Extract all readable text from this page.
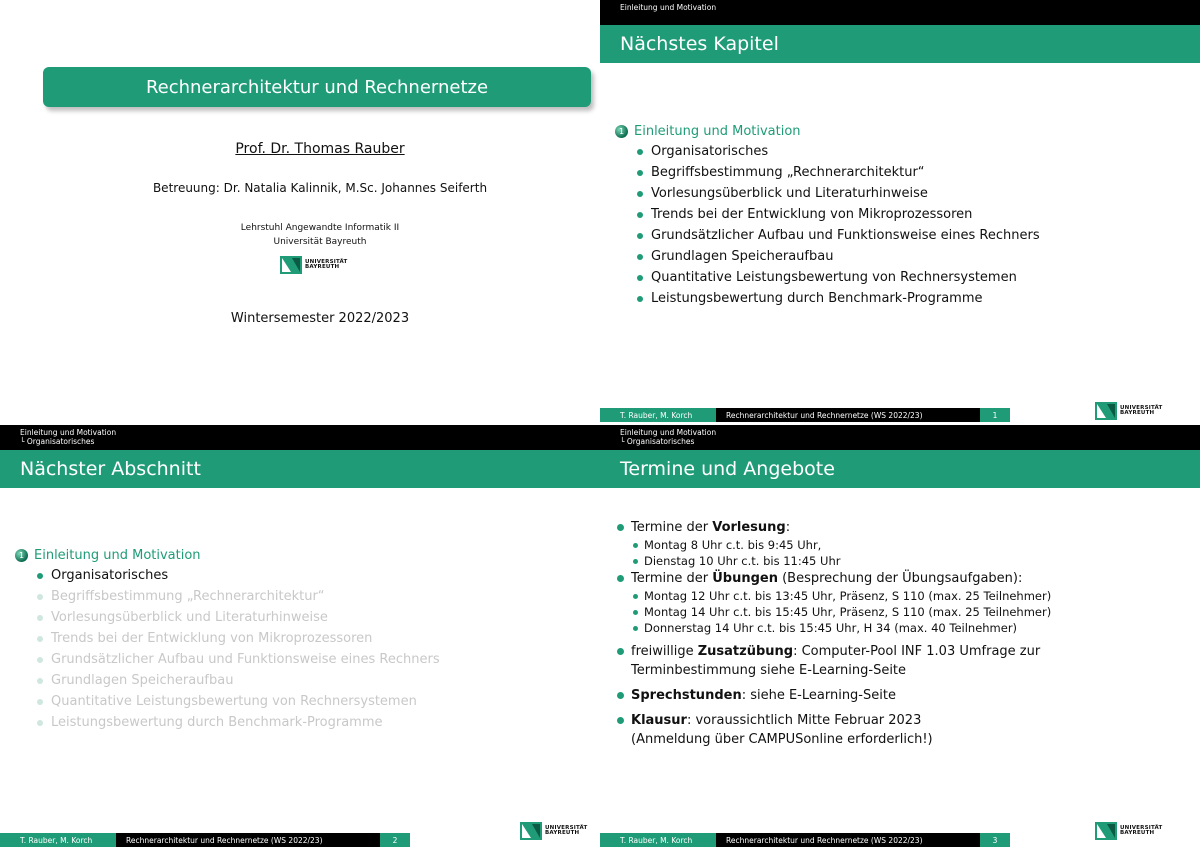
Rechnerarchitektur und Rechnernetze
Prof. Dr. Thomas Rauber
Betreuung: Dr. Natalia Kalinnik, M.Sc. Johannes Seiferth
Lehrstuhl Angewandte Informatik II
Universität Bayreuth
UNIVERSITÄT
BAYREUTH
Wintersemester 2022/2023
Einleitung und Motivation
Nächstes Kapitel
1 Einleitung und Motivation
Organisatorisches
Begriffsbestimmung „Rechnerarchitektur“
Vorlesungsüberblick und Literaturhinweise
Trends bei der Entwicklung von Mikroprozessoren
Grundsätzlicher Aufbau und Funktionsweise eines Rechners
Grundlagen Speicheraufbau
Quantitative Leistungsbewertung von Rechnersystemen
Leistungsbewertung durch Benchmark-Programme
T. Rauber, M. Korch	Rechnerarchitektur und Rechnernetze (WS 2022/23)	1
UNIVERSITÄT
BAYREUTH
Einleitung und Motivation
└ Organisatorisches
Nächster Abschnitt
1 Einleitung und Motivation
Organisatorisches
Begriffsbestimmung „Rechnerarchitektur“
Vorlesungsüberblick und Literaturhinweise
Trends bei der Entwicklung von Mikroprozessoren
Grundsätzlicher Aufbau und Funktionsweise eines Rechners
Grundlagen Speicheraufbau
Quantitative Leistungsbewertung von Rechnersystemen
Leistungsbewertung durch Benchmark-Programme
T. Rauber, M. Korch	Rechnerarchitektur und Rechnernetze (WS 2022/23)	2
UNIVERSITÄT
BAYREUTH
Einleitung und Motivation
└ Organisatorisches
Termine und Angebote
Termine der Vorlesung:
Montag 8 Uhr c.t. bis 9:45 Uhr,
Dienstag 10 Uhr c.t. bis 11:45 Uhr
Termine der Übungen (Besprechung der Übungsaufgaben):
Montag 12 Uhr c.t. bis 13:45 Uhr, Präsenz, S 110 (max. 25 Teilnehmer)
Montag 14 Uhr c.t. bis 15:45 Uhr, Präsenz, S 110 (max. 25 Teilnehmer)
Donnerstag 14 Uhr c.t. bis 15:45 Uhr, H 34 (max. 40 Teilnehmer)
freiwillige Zusatzübung: Computer-Pool INF 1.03 Umfrage zur
Terminbestimmung siehe E-Learning-Seite
Sprechstunden: siehe E-Learning-Seite
Klausur: voraussichtlich Mitte Februar 2023
(Anmeldung über CAMPUSonline erforderlich!)
T. Rauber, M. Korch	Rechnerarchitektur und Rechnernetze (WS 2022/23)	3
UNIVERSITÄT
BAYREUTH
